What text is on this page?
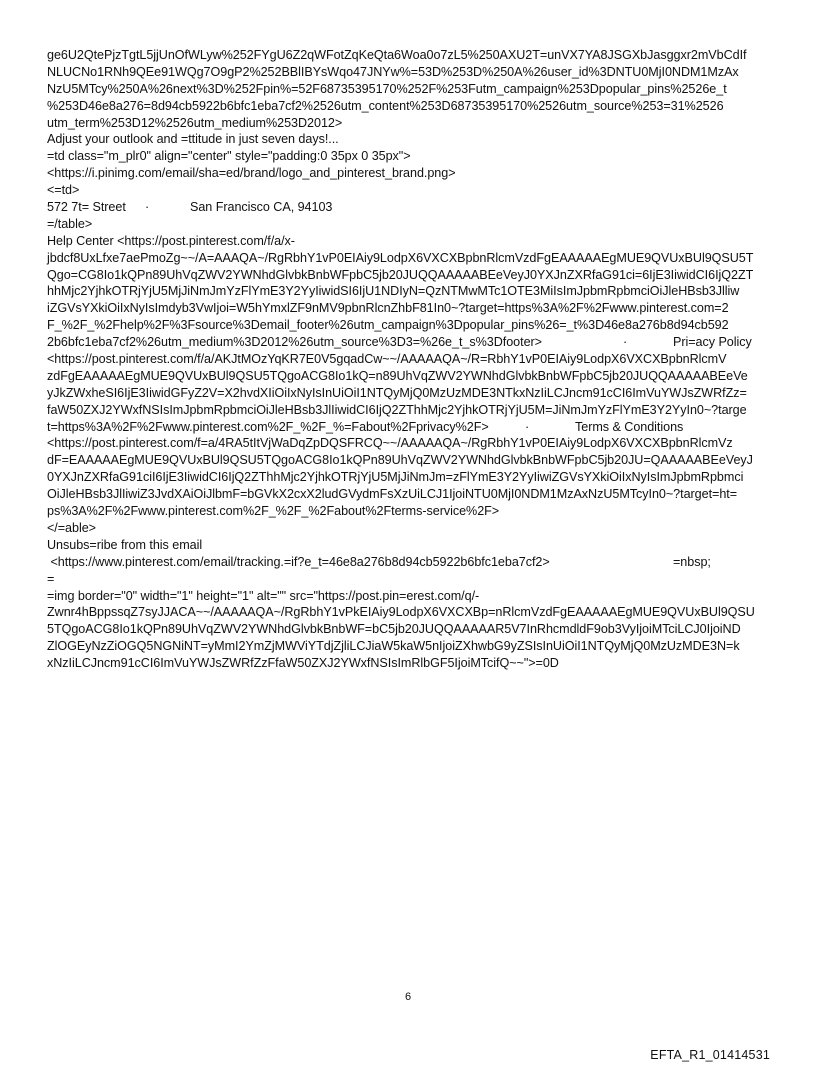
ge6U2QtePjzTgtL5jjUnOfWLyw%252FYgU6Z2qWFotZqKeQta6Woa0o7zL5%250AXU2T=unVX7YA8JSGXbJasggxr2mVbCdIf
NLUCNo1RNh9QEe91WQg7O9gP2%252BBlIBYsWqo47JNYw%=53D%253D%250A%26user_id%3DNTU0MjI0NDM1MzAx
NzU5MTcy%250A%26next%3D%252Fpin%=52F68735395170%252F%253Futm_campaign%253Dpopular_pins%2526e_t
%253D46e8a276=8d94cb5922b6bfc1eba7cf2%2526utm_content%253D68735395170%2526utm_source%253=31%2526
utm_term%253D12%2526utm_medium%253D2012>
Adjust your outlook and =ttitude in just seven days!...
=td class="m_plr0" align="center" style="padding:0 35px 0 35px">
<https://i.pinimg.com/email/sha=ed/brand/logo_and_pinterest_brand.png>
<=td>

572 7t= Street

·

	San Francisco CA, 94103

=/table>
Help Center <https://post.pinterest.com/f/a/x-
jbdcf8UxLfxe7aePmoZg~~/A=AAAQA~/RgRbhY1vP0EIAiy9LodpX6VXCXBpbnRlcmVzdFgEAAAAAEgMUE9QVUxBUl9QSU5T
Qgo=CG8Io1kQPn89UhVqZWV2YWNhdGlvbkBnbWFpbC5jb20JUQQAAAAABEeVeyJ0YXJnZXRfaG91ci=6IjE3IiwidCI6IjQ2ZT
hhMjc2YjhkOTRjYjU5MjJiNmJmYzFlYmE3Y2YyIiwidSI6IjU1NDIyN=QzNTMwMTc1OTE3MiIsImJpbmRpbmciOiJleHBsb3Jlliw
iZGVsYXkiOiIxNyIsImdyb3VwIjoi=W5hYmxlZF9nMV9pbnRlcnZhbF81In0~?target=https%3A%2F%2Fwww.pinterest.com=2
F_%2F_%2Fhelp%2F%3Fsource%3Demail_footer%26utm_campaign%3Dpopular_pins%26=_t%3D46e8a276b8d94cb592

2b6bfc1eba7cf2%26utm_medium%3D2012%26utm_source%3D3=%26e_t_s%3Dfooter>

	·

	Pri=acy Policy

<https://post.pinterest.com/f/a/AKJtMOzYqKR7E0V5gqadCw~~/AAAAAQA~/R=RbhY1vP0EIAiy9LodpX6VXCXBpbnRlcmV
zdFgEAAAAAEgMUE9QVUxBUl9QSU5TQgoACG8Io1kQ=n89UhVqZWV2YWNhdGlvbkBnbWFpbC5jb20JUQQAAAAABEeVe
yJkZWxheSI6IjE3IiwidGFyZ2V=X2hvdXIiOiIxNyIsInUiOiI1NTQyMjQ0MzUzMDE3NTkxNzIiLCJncm91cCI6ImVuYWJsZWRfZz=
faW50ZXJ2YWxfNSIsImJpbmRpbmciOiJleHBsb3JlIiwidCI6IjQ2ZThhMjc2YjhkOTRjYjU5M=JiNmJmYzFlYmE3Y2YyIn0~?targe

t=https%3A%2F%2Fwww.pinterest.com%2F_%2F_%=Fabout%2Fprivacy%2F>

	·

	Terms & Conditions

<https://post.pinterest.com/f=a/4RA5tItVjWaDqZpDQSFRCQ~~/AAAAAQA~/RgRbhY1vP0EIAiy9LodpX6VXCXBpbnRlcmVz
dF=EAAAAAEgMUE9QVUxBUl9QSU5TQgoACG8Io1kQPn89UhVqZWV2YWNhdGlvbkBnbWFpbC5jb20JU=QAAAAABEeVeyJ
0YXJnZXRfaG91ciI6IjE3IiwidCI6IjQ2ZThhMjc2YjhkOTRjYjU5MjJiNmJm=zFlYmE3Y2YyIiwiZGVsYXkiOiIxNyIsImJpbmRpbmci
OiJleHBsb3JlIiwiZ3JvdXAiOiJlbmF=bGVkX2cxX2ludGVydmFsXzUiLCJ1IjoiNTU0MjI0NDM1MzAxNzU5MTcyIn0~?target=ht=
ps%3A%2F%2Fwww.pinterest.com%2F_%2F_%2Fabout%2Fterms-service%2F>
</=able>
Unsubs=ribe from this email

<https://www.pinterest.com/email/tracking.=if?e_t=46e8a276b8d94cb5922b6bfc1eba7cf2>

	=nbsp;

=
=img border="0" width="1" height="1" alt="" src="https://post.pin=erest.com/q/-
Zwnr4hBppssqZ7syJJACA~~/AAAAAQA~/RgRbhY1vPkEIAiy9LodpX6VXCXBp=nRlcmVzdFgEAAAAAEgMUE9QVUxBUl9QSU
5TQgoACG8Io1kQPn89UhVqZWV2YWNhdGlvbkBnbWF=bC5jb20JUQQAAAAAR5V7InRhcmdldF9ob3VyIjoiMTciLCJ0IjoiND
ZlOGEyNzZiOGQ5NGNiNT=yMmI2YmZjMWViYTdjZjliLCJiaW5kaW5nIjoiZXhwbG9yZSIsInUiOiI1NTQyMjQ0MzUzMDE3N=k
xNzIiLCJncm91cCI6ImVuYWJsZWRfZzFfaW50ZXJ2YWxfNSIsImRlbGF5IjoiMTcifQ~~">=0D
6
EFTA_R1_01414531
